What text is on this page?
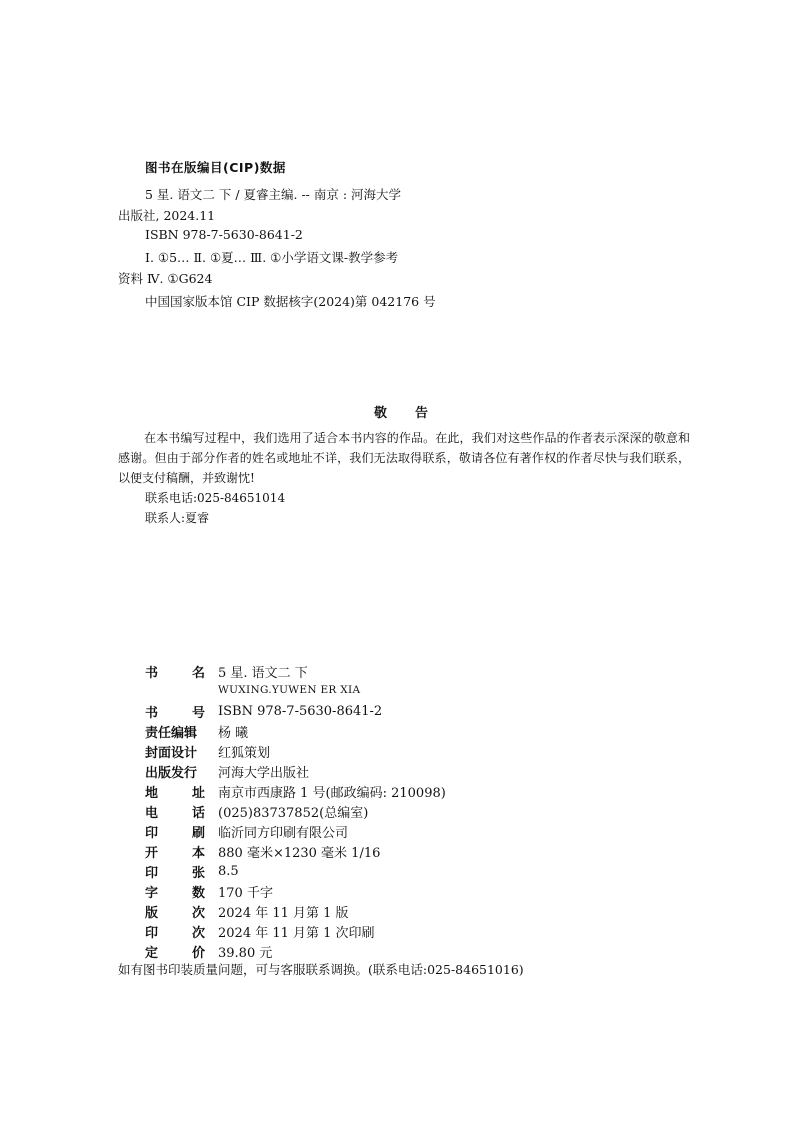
图书在版编目(CIP)数据
5 星. 语文二 下 / 夏睿主编. -- 南京 : 河海大学
出版社, 2024.11
ISBN 978-7-5630-8641-2
Ⅰ. ①5… Ⅱ. ①夏… Ⅲ. ①小学语文课-教学参考
资料 Ⅳ. ①G624
中国国家版本馆 CIP 数据核字(2024)第 042176 号
敬告
在本书编写过程中，我们选用了适合本书内容的作品。在此，我们对这些作品的作者表示深深的敬意和感谢。但由于部分作者的姓名或地址不详，我们无法取得联系，敬请各位有著作权的作者尽快与我们联系，以便支付稿酬，并致谢忱!
联系电话:025-84651014
联系人:夏睿
书	名 5 星. 语文二 下
书	号 ISBN 978-7-5630-8641-2
责任编辑	杨 曦
封面设计	红狐策划
出版发行	河海大学出版社
地	址 南京市西康路 1 号(邮政编码: 210098)
电	话 (025)83737852(总编室)
印	刷 临沂同方印刷有限公司
开	本 880 毫米×1230 毫米 1/16
印	张 8.5
字	数 170 千字
版	次 2024 年 11 月第 1 版
印	次 2024 年 11 月第 1 次印刷
定	价 39.80 元
WUXING.YUWEN ER XIA
如有图书印装质量问题，可与客服联系调换。(联系电话:025-84651016)
